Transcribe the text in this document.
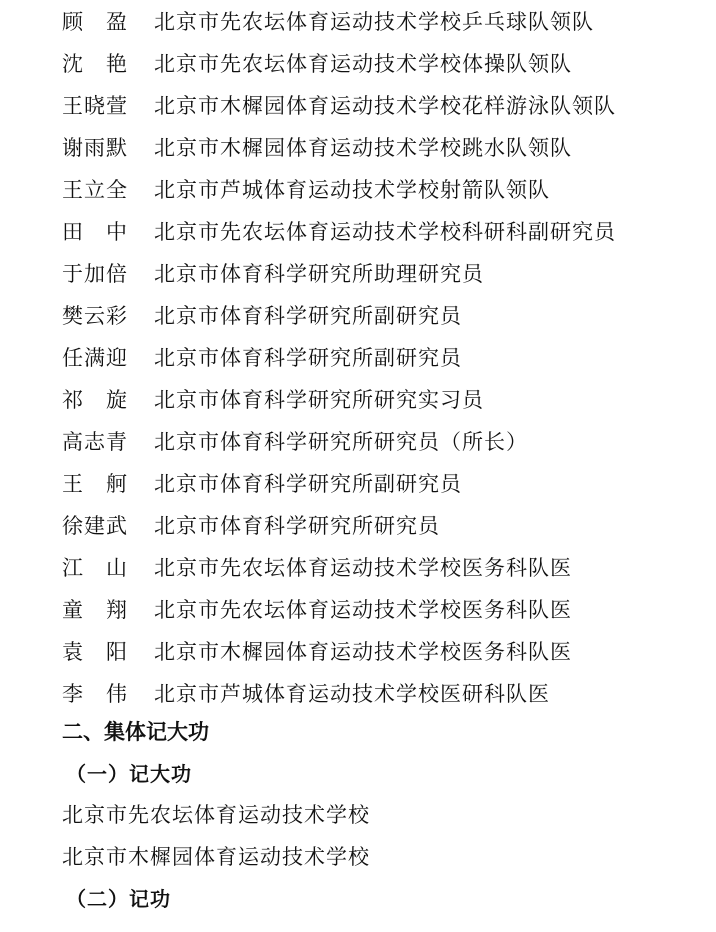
顾　盈	北京市先农坛体育运动技术学校乒乓球队领队
沈　艳	北京市先农坛体育运动技术学校体操队领队
王晓萱	北京市木樨园体育运动技术学校花样游泳队领队
谢雨默	北京市木樨园体育运动技术学校跳水队领队
王立全	北京市芦城体育运动技术学校射箭队领队
田　中	北京市先农坛体育运动技术学校科研科副研究员
于加倍	北京市体育科学研究所助理研究员
樊云彩	北京市体育科学研究所副研究员
任满迎	北京市体育科学研究所副研究员
祁　旋	北京市体育科学研究所研究实习员
高志青	北京市体育科学研究所研究员（所长）
王　舸	北京市体育科学研究所副研究员
徐建武	北京市体育科学研究所研究员
江　山	北京市先农坛体育运动技术学校医务科队医
童　翔	北京市先农坛体育运动技术学校医务科队医
袁　阳	北京市木樨园体育运动技术学校医务科队医
李　伟	北京市芦城体育运动技术学校医研科队医
二、集体记大功
（一）记大功
北京市先农坛体育运动技术学校
北京市木樨园体育运动技术学校
（二）记功
